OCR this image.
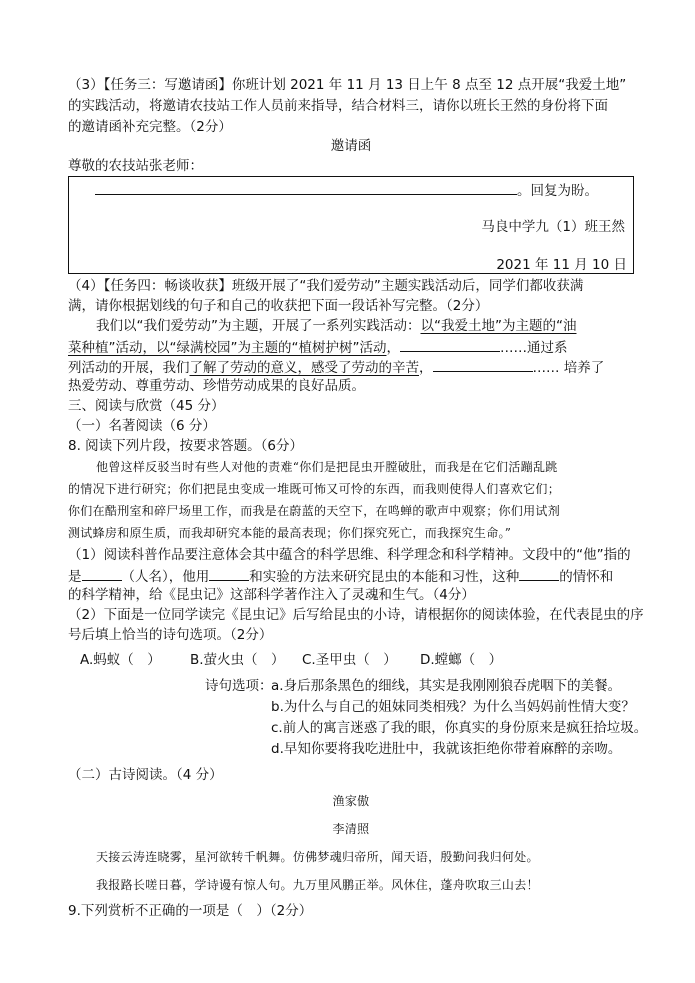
（3）【任务三：写邀请函】你班计划 2021 年 11 月 13 日上午 8 点至 12 点开展“我爱土地”
的实践活动，将邀请农技站工作人员前来指导，结合材料三，请你以班长王然的身份将下面
的邀请函补充完整。（2分）
邀请函
尊敬的农技站张老师：
。回复为盼。
马良中学九（1）班王然
2021 年 11 月 10 日
（4）【任务四：畅谈收获】班级开展了“我们爱劳动”主题实践活动后，同学们都收获满
满，请你根据划线的句子和自己的收获把下面一段话补写完整。（2分）
我们以“我们爱劳动”为主题，开展了一系列实践活动：以“我爱土地”为主题的“油
菜种植”活动，以“绿满校园”为主题的“植树护树”活动，	……通过系
列活动的开展，我们了解了劳动的意义，感受了劳动的辛苦，	…… 培养了
热爱劳动、尊重劳动、珍惜劳动成果的良好品质。
三、阅读与欣赏（45 分）
（一）名著阅读（6 分）
8. 阅读下列片段，按要求答题。（6分）
他曾这样反驳当时有些人对他的责难“你们是把昆虫开膛破肚，而我是在它们活蹦乱跳
的情况下进行研究；你们把昆虫变成一堆既可怖又可怜的东西，而我则使得人们喜欢它们；
你们在酷刑室和碎尸场里工作，而我是在蔚蓝的天空下，在鸣蝉的歌声中观察；你们用试剂
测试蜂房和原生质，而我却研究本能的最高表现；你们探究死亡，而我探究生命。”
（1）阅读科普作品要注意体会其中蕴含的科学思维、科学理念和科学精神。文段中的“他”指的
是	（人名），他用	和实验的方法来研究昆虫的本能和习性，这种	的情怀和
的科学精神，给《昆虫记》这部科学著作注入了灵魂和生气。（4分）
（2）下面是一位同学读完《昆虫记》后写给昆虫的小诗，请根据你的阅读体验，在代表昆虫的序
号后填上恰当的诗句选项。（2分）
A.蚂蚁（　） B.萤火虫（　） C.圣甲虫（　） D.螳螂（　）
诗句选项：
a.身后那条黑色的细线，其实是我刚刚狼吞虎咽下的美餐。
b.为什么与自己的姐妹同类相残？为什么当妈妈前性情大变？
c.前人的寓言迷惑了我的眼，你真实的身份原来是疯狂拾垃圾。
d.早知你要将我吃进肚中，我就该拒绝你带着麻醉的亲吻。
（二）古诗阅读。（4 分）
渔家傲
李清照
天接云涛连晓雾，星河欲转千帆舞。仿佛梦魂归帝所，闻天语，殷勤问我归何处。
我报路长嗟日暮，学诗谩有惊人句。九万里风鹏正举。风休住，蓬舟吹取三山去！
9.下列赏析不正确的一项是（　）（2分）
